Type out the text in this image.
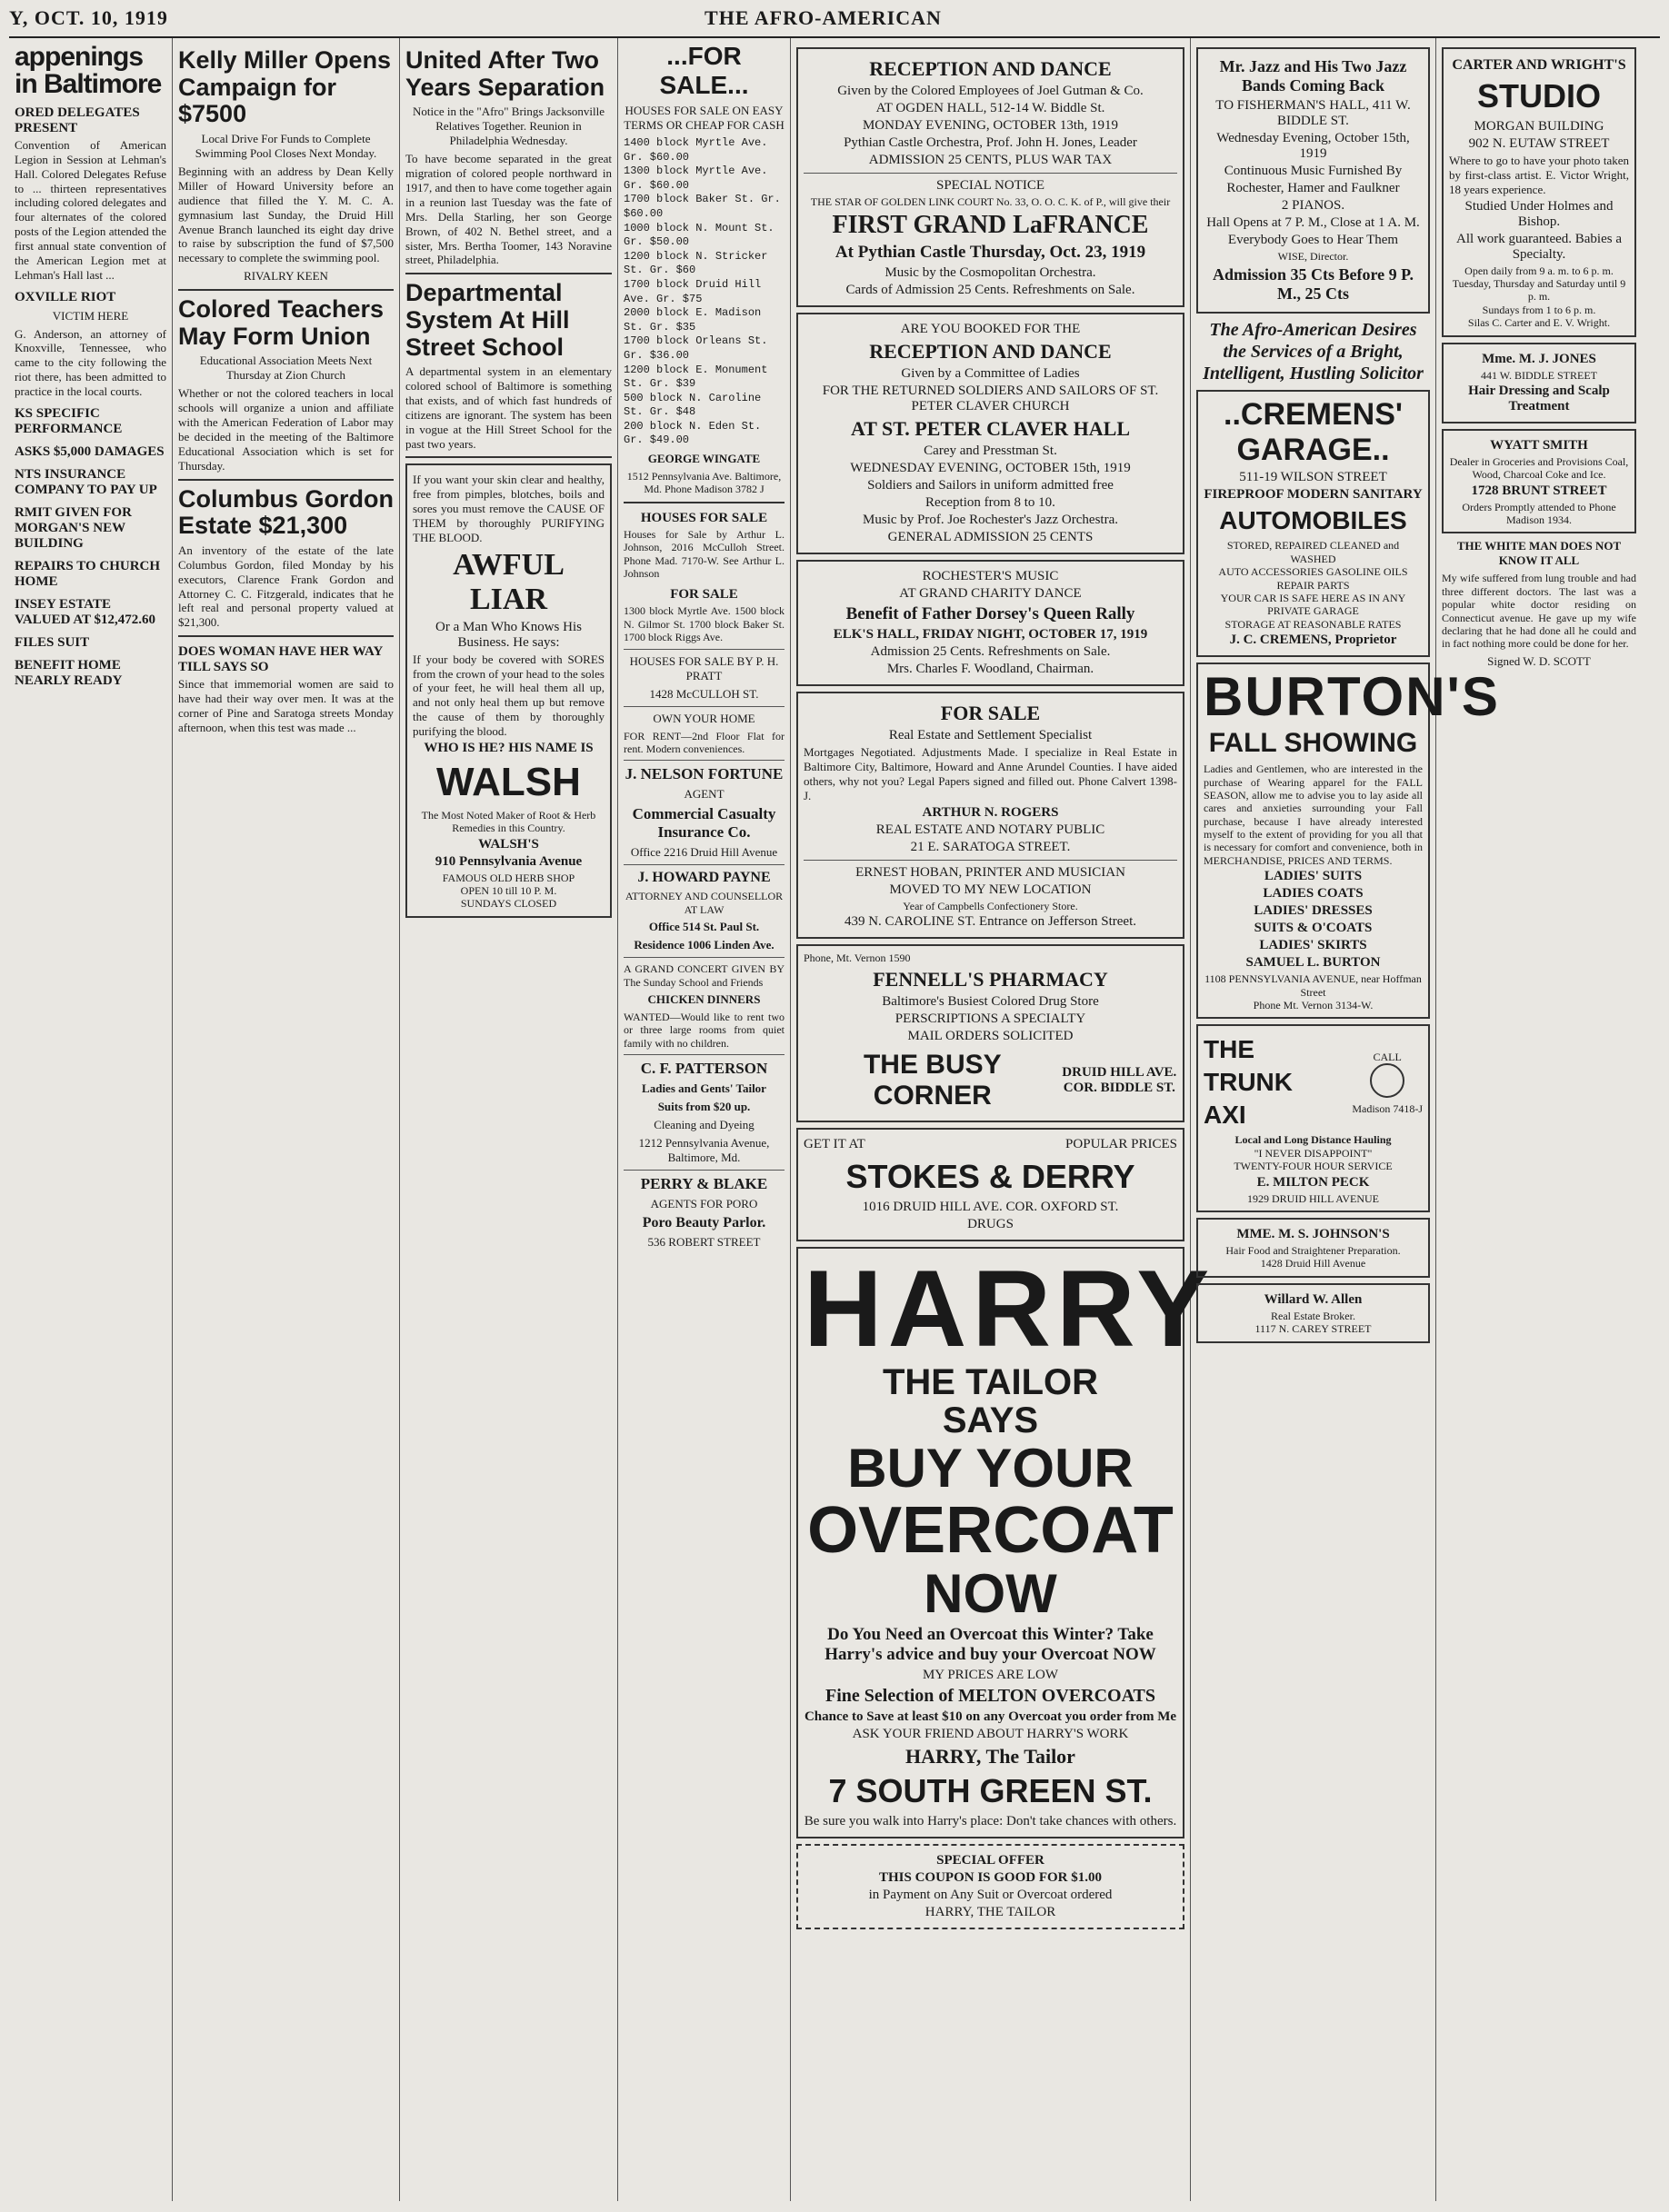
Y, OCT. 10, 1919	THE AFRO-AMERICAN
appenings in Baltimore
ORED DELEGATES PRESENT

Convention of American Legion in Session at Lehman's Hall. Colored Delegates Refuse to ... thirteen representatives including colored delegates and four alternates of the colored posts of the Legion attended the first annual state convention of the American Legion met at Lehman's Hall last ...

OXVILLE RIOT
VICTIM HERE

G. Anderson, an attorney of Knoxville, Tennessee, who came to the city following the riot there, has been admitted to practice in the local courts.

KS SPECIFIC PERFORMANCE
ASKS $5,000 DAMAGES
NTS INSURANCE COMPANY TO PAY UP
RMIT GIVEN FOR MORGAN'S NEW BUILDING
REPAIRS TO CHURCH HOME
INSEY ESTATE VALUED AT $12,472.60
FILES SUIT
BENEFIT HOME NEARLY READY
Kelly Miller Opens Campaign for $7500
Local Drive For Funds to Complete Swimming Pool Closes Next Monday.

Beginning with an address by Dean Kelly Miller of Howard University before an audience that filled the Y. M. C. A. gymnasium last Sunday, the Druid Hill Avenue Branch launched its eight day drive to raise by subscription the fund of $7,500 necessary to complete the swimming pool.

RIVALRY KEEN
Colored Teachers May Form Union
Educational Association Meets Next Thursday at Zion Church

Whether or not the colored teachers in local schools will organize a union and affiliate with the American Federation of Labor may be decided in the meeting of the Baltimore Educational Association which is set for Thursday.

Columbus Gordon Estate $21,300

An inventory of the estate of the late Columbus Gordon, filed Monday by his executors, Clarence Frank Gordon and Attorney C. C. Fitzgerald, indicates that he left real and personal property valued at $21,300.

DOES WOMAN HAVE HER WAY TILL SAYS SO

Since that immemorial women are said to have had their way over men. It was at the corner of Pine and Saratoga streets Monday afternoon, when this test was made ...

United After Two Years Separation
Notice in the "Afro" Brings Jacksonville Relatives Together. Reunion in Philadelphia Wednesday.

To have become separated in the great migration of colored people northward in 1917, and then to have come together again in a reunion last Tuesday was the fate of Mrs. Della Starling, her son George Brown, of 402 N. Bethel street, and a sister, Mrs. Bertha Toomer, 143 Noravine street, Philadelphia.

Departmental System At Hill Street School

A departmental system in an elementary colored school of Baltimore is something that exists, and of which fast hundreds of citizens are ignorant. The system has been in vogue at the Hill Street School for the past two years.

If you want your skin clear and healthy, free from pimples, blotches, boils and sores you must remove the CAUSE OF THEM by thoroughly PURIFYING THE BLOOD.

AWFUL LIAR
Or a Man Who Knows His Business. He says:

If your body be covered with SORES from the crown of your head to the soles of your feet, he will heal them all up, and not only heal them up but remove the cause of them by thoroughly purifying the blood.

WHO IS HE? HIS NAME IS
WALSH
The Most Noted Maker of Root & Herb Remedies in this Country.
WALSH'S
910 Pennsylvania Avenue
FAMOUS OLD HERB SHOP
OPEN 10 till 10 P. M.
SUNDAYS CLOSED
...FOR SALE...
HOUSES FOR SALE ON EASY TERMS OR CHEAP FOR CASH
1400 block Myrtle Ave. Gr. $60.00
1300 block Myrtle Ave. Gr. $60.00
1700 block Baker St. Gr. $60.00
1000 block N. Mount St. Gr. $50.00
1200 block N. Stricker St. Gr. $60
1700 block Druid Hill Ave. Gr. $75
2000 block E. Madison St. Gr. $35
1700 block Orleans St. Gr. $36.00
1200 block E. Monument St. Gr. $39
500 block N. Caroline St. Gr. $48
200 block N. Eden St. Gr. $49.00
GEORGE WINGATE
1512 Pennsylvania Ave. Baltimore, Md. Phone Madison 3782 J
HOUSES FOR SALE

Houses for Sale by Arthur L. Johnson, 2016 McCulloh Street. Phone Mad. 7170-W. See Arthur L. Johnson

FOR SALE

1300 block Myrtle Ave. 1500 block N. Gilmor St. 1700 block Baker St. 1700 block Riggs Ave.

HOUSES FOR SALE BY P. H. PRATT
1428 McCULLOH ST.
OWN YOUR HOME

FOR RENT—2nd Floor Flat for rent. Modern conveniences.

J. NELSON FORTUNE
AGENT
Commercial Casualty Insurance Co.
Office 2216 Druid Hill Avenue
J. HOWARD PAYNE
ATTORNEY AND COUNSELLOR AT LAW
Office 514 St. Paul St.
Residence 1006 Linden Ave.

A GRAND CONCERT GIVEN BY The Sunday School and Friends

CHICKEN DINNERS

WANTED—Would like to rent two or three large rooms from quiet family with no children.

C. F. PATTERSON
Ladies and Gents' Tailor
Suits from $20 up.
Cleaning and Dyeing
1212 Pennsylvania Avenue, Baltimore, Md.
PERRY & BLAKE
AGENTS FOR PORO
Poro Beauty Parlor.
536 ROBERT STREET
RECEPTION AND DANCE
Given by the Colored Employees of Joel Gutman & Co.
AT OGDEN HALL, 512-14 W. Biddle St.
MONDAY EVENING, OCTOBER 13th, 1919
Pythian Castle Orchestra, Prof. John H. Jones, Leader
ADMISSION 25 CENTS, PLUS WAR TAX
SPECIAL NOTICE
THE STAR OF GOLDEN LINK COURT No. 33, O. O. C. K. of P., will give their
FIRST GRAND LaFRANCE
At Pythian Castle Thursday, Oct. 23, 1919
Music by the Cosmopolitan Orchestra.
Cards of Admission 25 Cents. Refreshments on Sale.
ARE YOU BOOKED FOR THE
RECEPTION AND DANCE
Given by a Committee of Ladies
FOR THE RETURNED SOLDIERS AND SAILORS OF ST. PETER CLAVER CHURCH
AT ST. PETER CLAVER HALL
Carey and Presstman St.
WEDNESDAY EVENING, OCTOBER 15th, 1919
Soldiers and Sailors in uniform admitted free
Reception from 8 to 10.
Music by Prof. Joe Rochester's Jazz Orchestra.
GENERAL ADMISSION 25 CENTS
ROCHESTER'S MUSIC
AT GRAND CHARITY DANCE
Benefit of Father Dorsey's Queen Rally
ELK'S HALL, FRIDAY NIGHT, OCTOBER 17, 1919
Admission 25 Cents. Refreshments on Sale.
Mrs. Charles F. Woodland, Chairman.
FOR SALE
Real Estate and Settlement Specialist

Mortgages Negotiated. Adjustments Made. I specialize in Real Estate in Baltimore City, Baltimore, Howard and Anne Arundel Counties. I have aided others, why not you? Legal Papers signed and filled out. Phone Calvert 1398-J.

ARTHUR N. ROGERS
REAL ESTATE AND NOTARY PUBLIC
21 E. SARATOGA STREET.
ERNEST HOBAN, PRINTER AND MUSICIAN
MOVED TO MY NEW LOCATION
Year of Campbells Confectionery Store.
439 N. CAROLINE ST. Entrance on Jefferson Street.
Phone, Mt. Vernon 1590
FENNELL'S PHARMACY
Baltimore's Busiest Colored Drug Store
PERSCRIPTIONS A SPECIALTY
MAIL ORDERS SOLICITED
THE BUSY CORNER
DRUID HILL AVE. COR. BIDDLE ST.
GET IT AT	POPULAR PRICES
STOKES & DERRY
1016 DRUID HILL AVE. COR. OXFORD ST.
DRUGS
HARRY
THE TAILOR
SAYS
BUY YOUR
OVERCOAT
NOW
Do You Need an Overcoat this Winter? Take Harry's advice and buy your Overcoat NOW
MY PRICES ARE LOW
Fine Selection of MELTON OVERCOATS
Chance to Save at least $10 on any Overcoat you order from Me
ASK YOUR FRIEND ABOUT HARRY'S WORK
HARRY, The Tailor
7 SOUTH GREEN ST.
Be sure you walk into Harry's place: Don't take chances with others.
SPECIAL OFFER
THIS COUPON IS GOOD FOR $1.00
in Payment on Any Suit or Overcoat ordered
HARRY, THE TAILOR
Mr. Jazz and His Two Jazz Bands Coming Back
TO FISHERMAN'S HALL, 411 W. BIDDLE ST.
Wednesday Evening, October 15th, 1919
Continuous Music Furnished By
Rochester, Hamer and Faulkner
2 PIANOS.
Hall Opens at 7 P. M., Close at 1 A. M.
Everybody Goes to Hear Them
WISE, Director.
Admission 35 Cts Before 9 P. M., 25 Cts
The Afro-American Desires the Services of a Bright, Intelligent, Hustling Solicitor
..CREMENS' GARAGE..
511-19 WILSON STREET
FIREPROOF MODERN SANITARY
AUTOMOBILES
STORED, REPAIRED CLEANED and WASHED
AUTO ACCESSORIES GASOLINE OILS REPAIR PARTS
YOUR CAR IS SAFE HERE AS IN ANY PRIVATE GARAGE
STORAGE AT REASONABLE RATES
J. C. CREMENS, Proprietor
BURTON'S
FALL SHOWING

Ladies and Gentlemen, who are interested in the purchase of Wearing apparel for the FALL SEASON, allow me to advise you to lay aside all cares and anxieties surrounding your Fall purchase, because I have already interested myself to the extent of providing for you all that is necessary for comfort and convenience, both in MERCHANDISE, PRICES AND TERMS.

LADIES' SUITS
LADIES COATS
LADIES' DRESSES
SUITS & O'COATS
LADIES' SKIRTS
SAMUEL L. BURTON
1108 PENNSYLVANIA AVENUE, near Hoffman Street
Phone Mt. Vernon 3134-W.
THE
TRUNK
AXI
CALL
Madison 7418-J
Local and Long Distance Hauling
"I NEVER DISAPPOINT"
TWENTY-FOUR HOUR SERVICE
E. MILTON PECK
1929 DRUID HILL AVENUE
MME. M. S. JOHNSON'S
Hair Food and Straightener Preparation.
1428 Druid Hill Avenue
Willard W. Allen
Real Estate Broker.
1117 N. CAREY STREET
CARTER AND WRIGHT'S
STUDIO
MORGAN BUILDING
902 N. EUTAW STREET

Where to go to have your photo taken by first-class artist. E. Victor Wright, 18 years experience.

Studied Under Holmes and Bishop.
All work guaranteed. Babies a Specialty.
Open daily from 9 a. m. to 6 p. m. Tuesday, Thursday and Saturday until 9 p. m.
Sundays from 1 to 6 p. m.
Silas C. Carter and E. V. Wright.
Mme. M. J. JONES
441 W. BIDDLE STREET
Hair Dressing and Scalp Treatment
WYATT SMITH
Dealer in Groceries and Provisions Coal, Wood, Charcoal Coke and Ice.
1728 BRUNT STREET
Orders Promptly attended to Phone Madison 1934.
THE WHITE MAN DOES NOT KNOW IT ALL

My wife suffered from lung trouble and had three different doctors. The last was a popular white doctor residing on Connecticut avenue. He gave up my wife declaring that he had done all he could and in fact nothing more could be done for her.

Signed W. D. SCOTT
